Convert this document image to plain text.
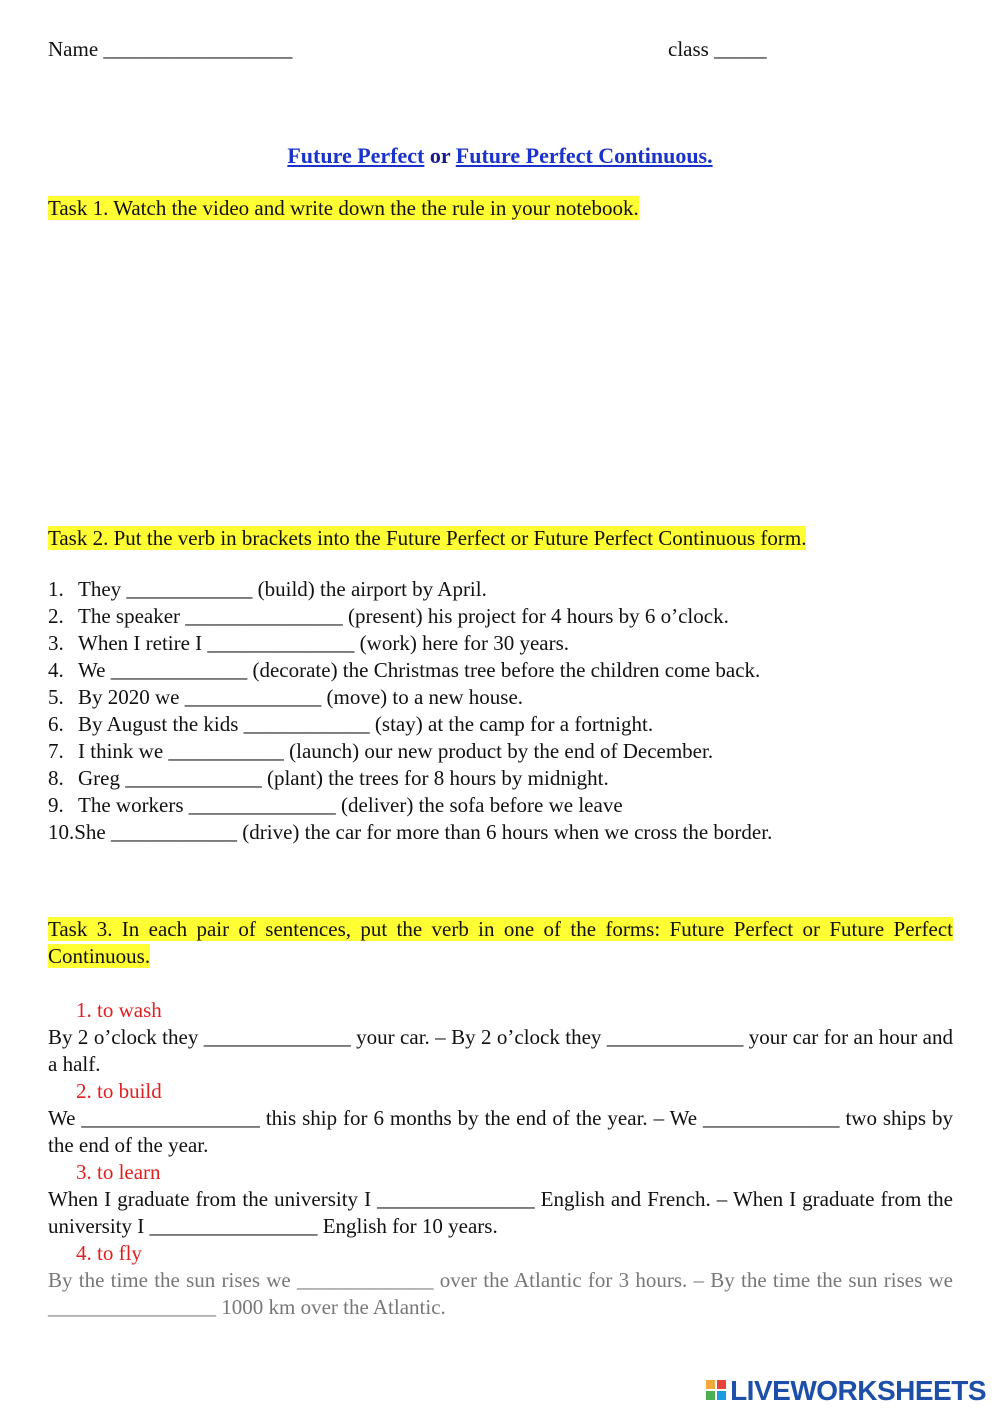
Name __________________	class _____
Future Perfect or Future Perfect Continuous.
Task 1. Watch the video and write down the the rule in your notebook.
Task 2. Put the verb in brackets into the Future Perfect or Future Perfect Continuous form.
1. They ____________ (build) the airport by April.
2. The speaker _______________ (present) his project for 4 hours by 6 o’clock.
3. When I retire I ______________ (work) here for 30 years.
4. We _____________ (decorate) the Christmas tree before the children come back.
5. By 2020 we _____________ (move) to a new house.
6. By August the kids ____________ (stay) at the camp for a fortnight.
7. I think we ___________ (launch) our new product by the end of December.
8. Greg _____________ (plant) the trees for 8 hours by midnight.
9. The workers ______________ (deliver) the sofa before we leave
10.She ____________ (drive) the car for more than 6 hours when we cross the border.
Task 3. In each pair of sentences, put the verb in one of the forms: Future Perfect or Future Perfect Continuous.
1. to wash
By 2 o’clock they ______________ your car. – By 2 o’clock they _____________ your car for an hour and a half.
2. to build
We _________________ this ship for 6 months by the end of the year. – We _____________ two ships by the end of the year.
3. to learn
When I graduate from the university I _______________ English and French. – When I graduate from the university I ________________ English for 10 years.
4. to fly
By the time the sun rises we _____________ over the Atlantic for 3 hours. – By the time the sun rises we ________________ 1000 km over the Atlantic.
LIVEWORKSHEETS
